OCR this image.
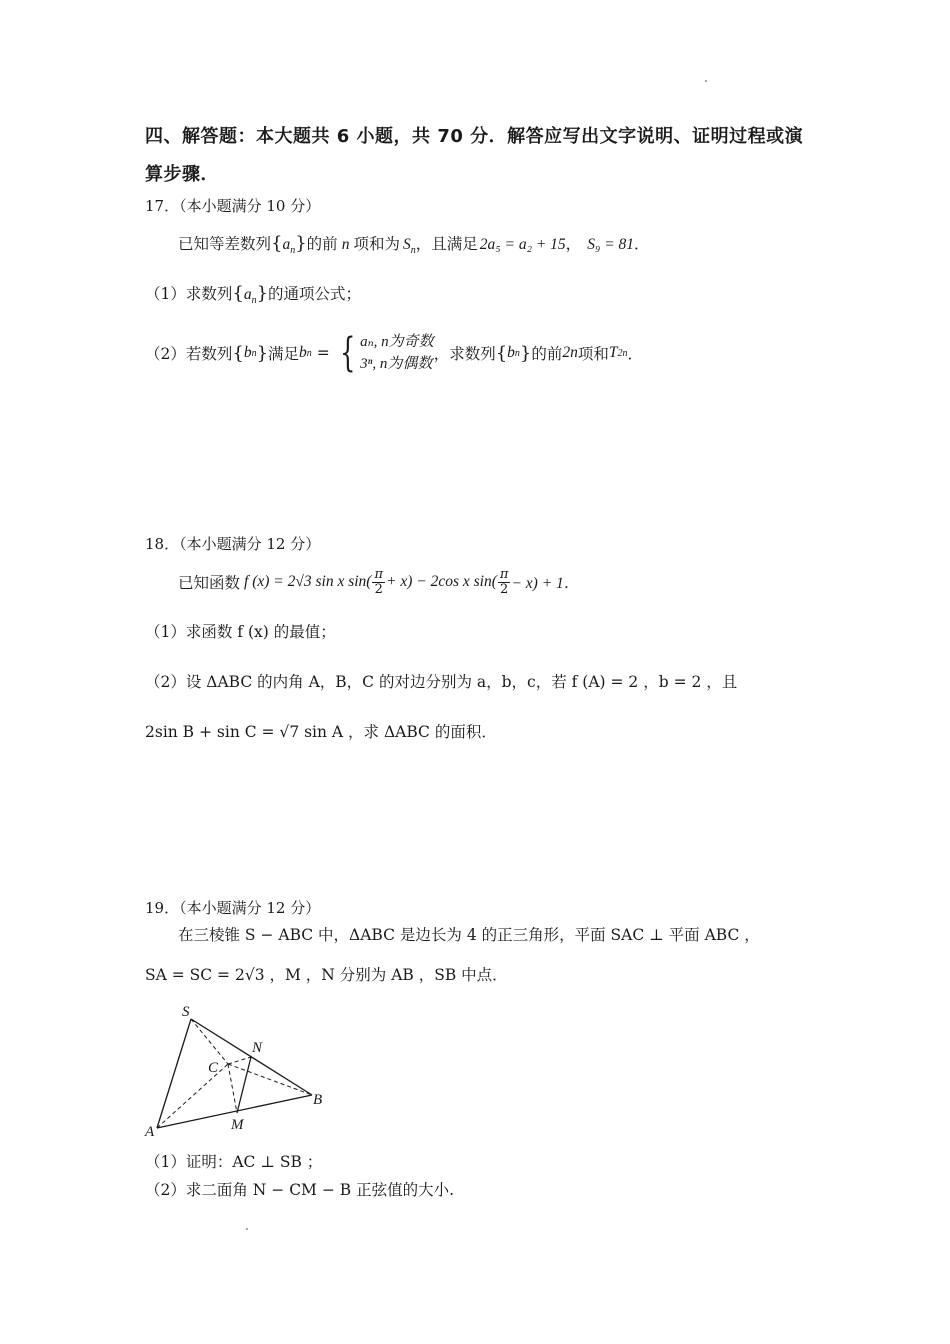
四、解答题：本大题共 6 小题，共 70 分．解答应写出文字说明、证明过程或演
算步骤．
17．（本小题满分 10 分）
已知等差数列$\{a_n\}$的前 n 项和为 $S_n$，且满足 2a₅ = a₂ + 15， S₉ = 81．
（1）求数列$\{a_n\}$的通项公式；
（2）若数列 { b n } 满足 b n = { aₙ, n为奇数
3ⁿ, n为偶数
，求数列 { b n } 的前 2n 项和 T 2n ．
18．（本小题满分 12 分）
已知函数 f (x) = 2√3 sin x $\sin( \frac{\pi}{2} + x) - 2\cos$ x $\sin( \frac{\pi}{2} - x) + 1$．
（1）求函数 f (x) 的最值；
（2）设 ΔABC 的内角 A，B，C 的对边分别为 a，b，c，若 f (A) = 2 ，b = 2 ，且
2sin B + sin C = √7 sin A ，求 ΔABC 的面积．
19．（本小题满分 12 分）
在三棱锥 S − ABC 中，ΔABC 是边长为 4 的正三角形，平面 SAC ⊥ 平面 ABC ，
SA = SC = 2√3 ，M ，N 分别为 AB ，SB 中点．
S
N
C
B
A	M
（1）证明：AC ⊥ SB ；
（2）求二面角 N − CM − B 正弦值的大小.
